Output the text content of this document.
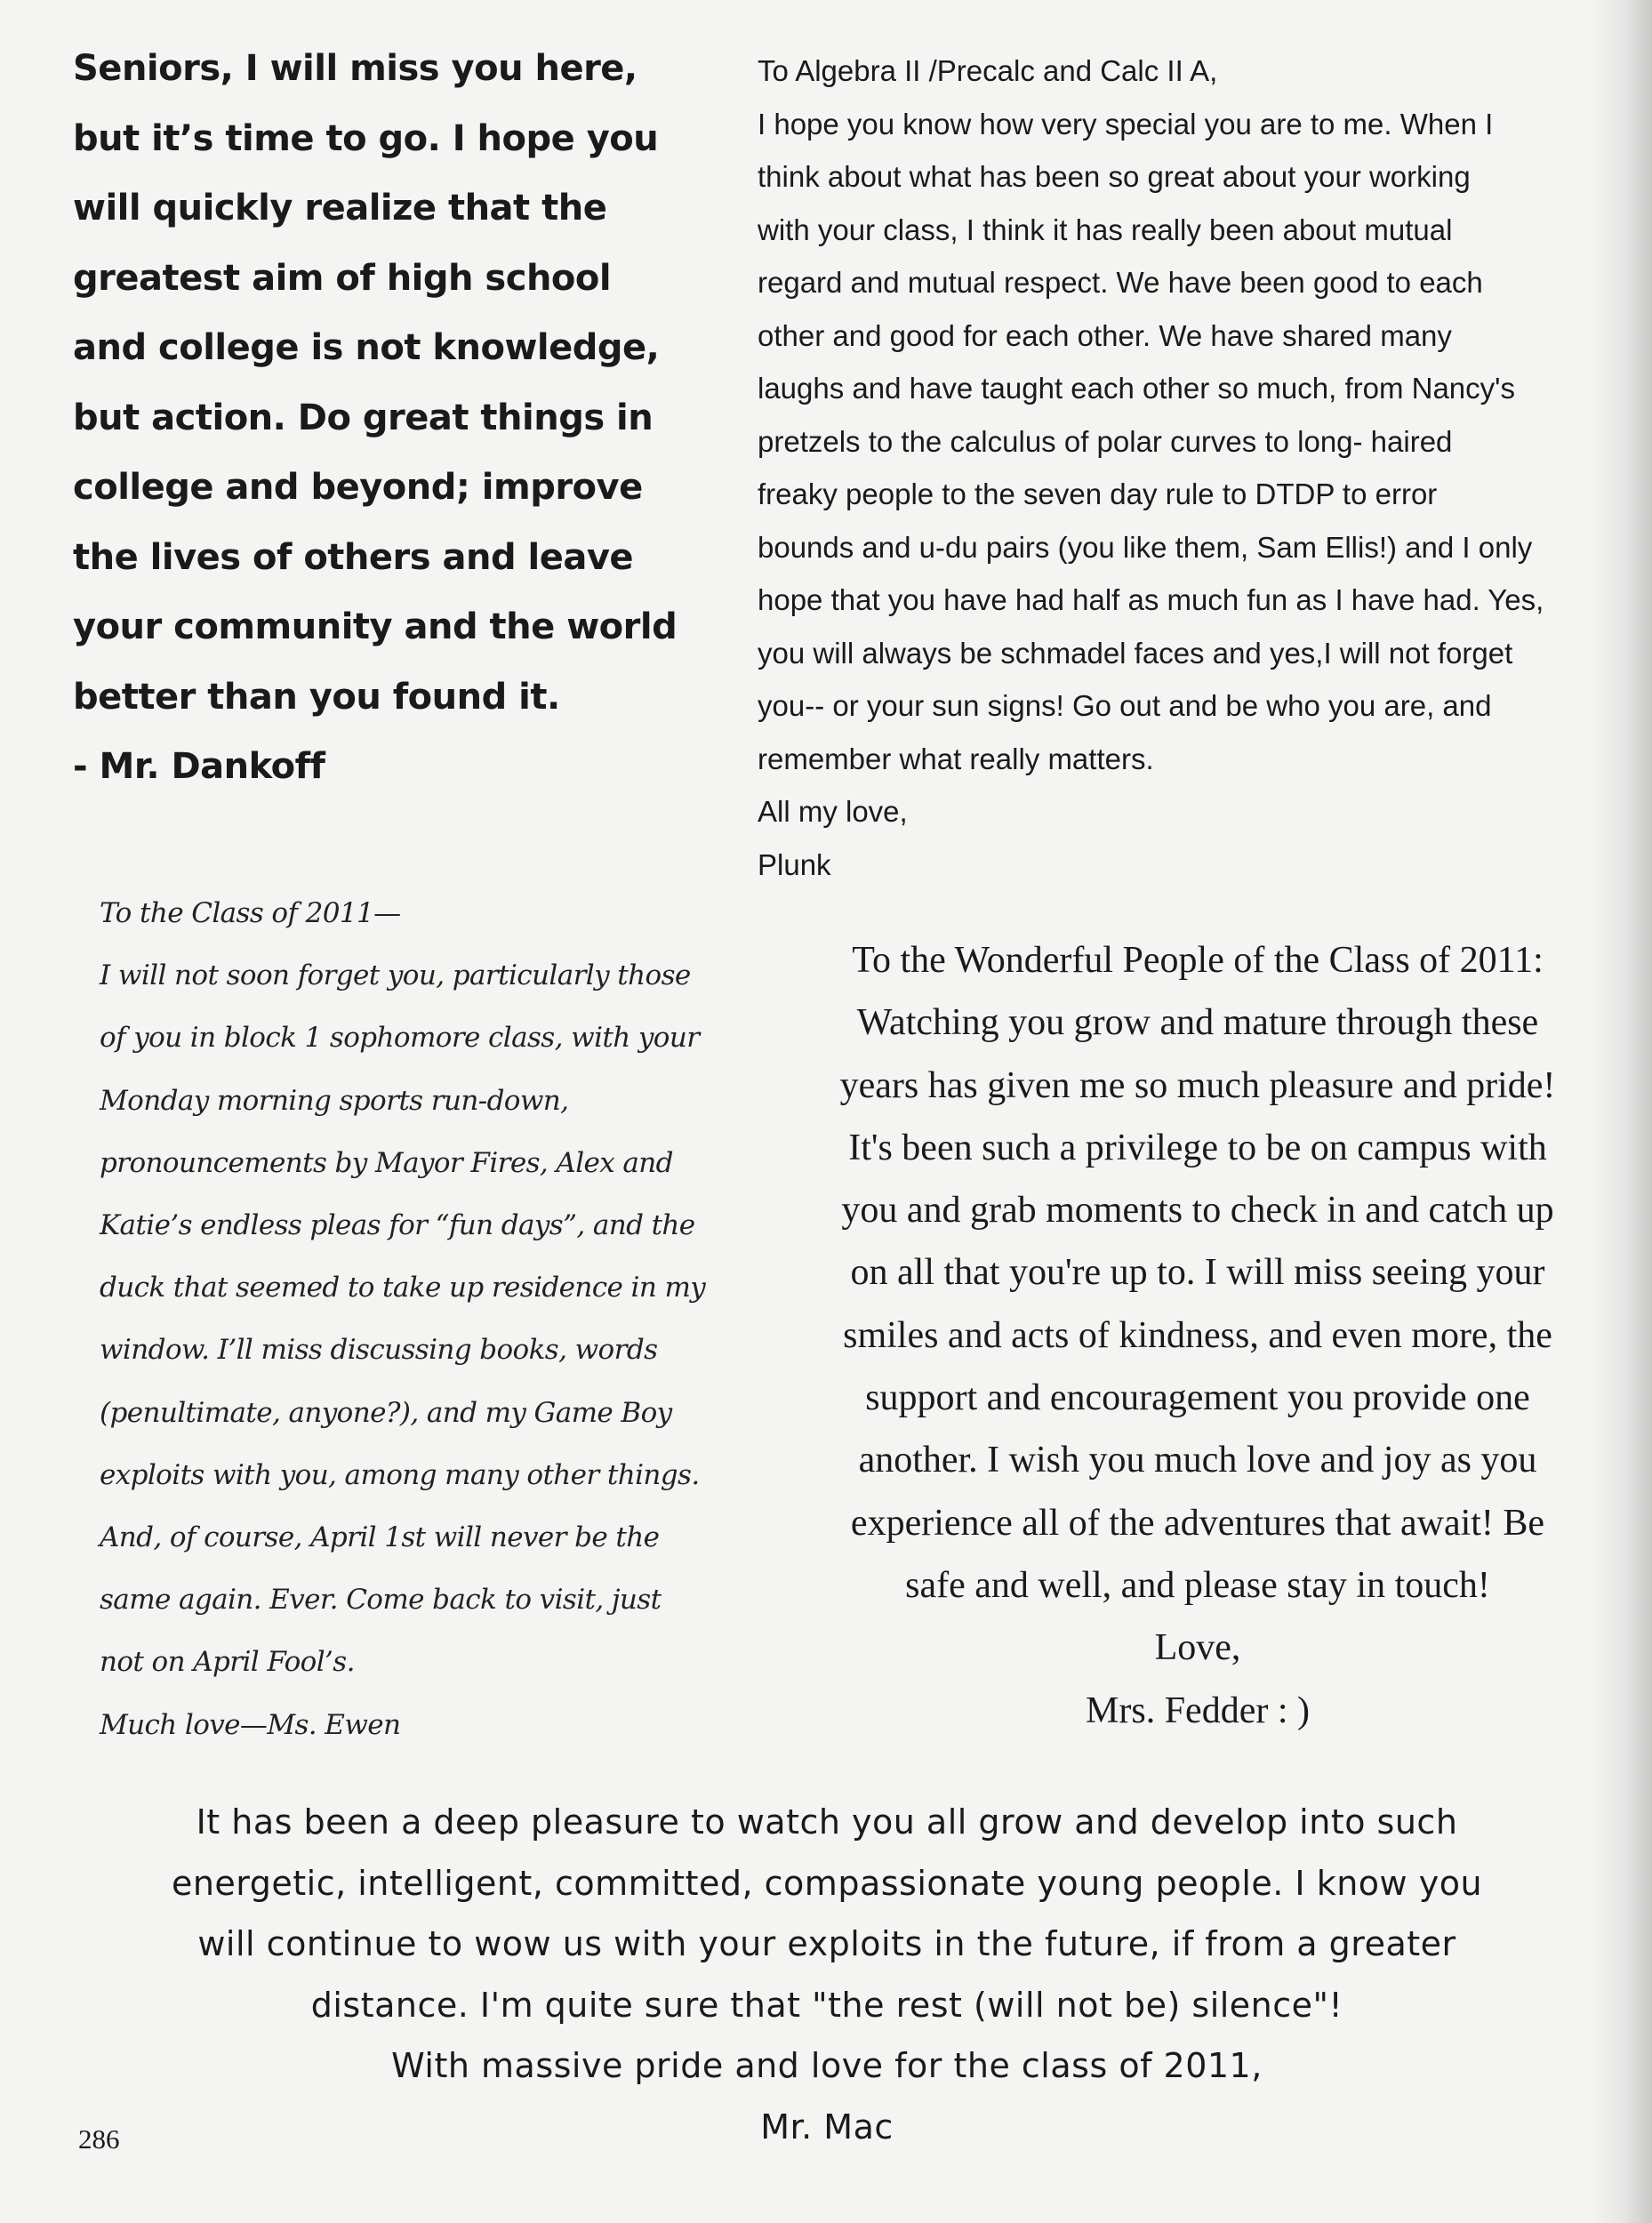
Seniors, I will miss you here,

but it’s time to go. I hope you

will quickly realize that the

greatest aim of high school

and college is not knowledge,

but action. Do great things in

college and beyond; improve

the lives of others and leave

your community and the world

better than you found it.

- Mr. Dankoff

To Algebra II /Precalc and Calc II A,

I hope you know how very special you are to me. When I

think about what has been so great about your working

with your class, I think it has really been about mutual

regard and mutual respect. We have been good to each

other and good for each other. We have shared many

laughs and have taught each other so much, from Nancy's

pretzels to the calculus of polar curves to long- haired

freaky people to the seven day rule to DTDP to error

bounds and u-du pairs (you like them, Sam Ellis!) and I only

hope that you have had half as much fun as I have had. Yes,

you will always be schmadel faces and yes,I will not forget

you-- or your sun signs! Go out and be who you are, and

remember what really matters.

All my love,

Plunk

To the Class of 2011—

I will not soon forget you, particularly those

of you in block 1 sophomore class, with your

Monday morning sports run-down,

pronouncements by Mayor Fires, Alex and

Katie’s endless pleas for “fun days”, and the

duck that seemed to take up residence in my

window. I’ll miss discussing books, words

(penultimate, anyone?), and my Game Boy

exploits with you, among many other things.

And, of course, April 1st will never be the

same again. Ever. Come back to visit, just

not on April Fool’s.

Much love—Ms. Ewen

To the Wonderful People of the Class of 2011:

Watching you grow and mature through these

years has given me so much pleasure and pride!

It's been such a privilege to be on campus with

you and grab moments to check in and catch up

on all that you're up to. I will miss seeing your

smiles and acts of kindness, and even more, the

support and encouragement you provide one

another. I wish you much love and joy as you

experience all of the adventures that await! Be

safe and well, and please stay in touch!

Love,

Mrs. Fedder : )

It has been a deep pleasure to watch you all grow and develop into such

energetic, intelligent, committed, compassionate young people. I know you

will continue to wow us with your exploits in the future, if from a greater

distance. I'm quite sure that "the rest (will not be) silence"!

With massive pride and love for the class of 2011,

Mr. Mac

286
